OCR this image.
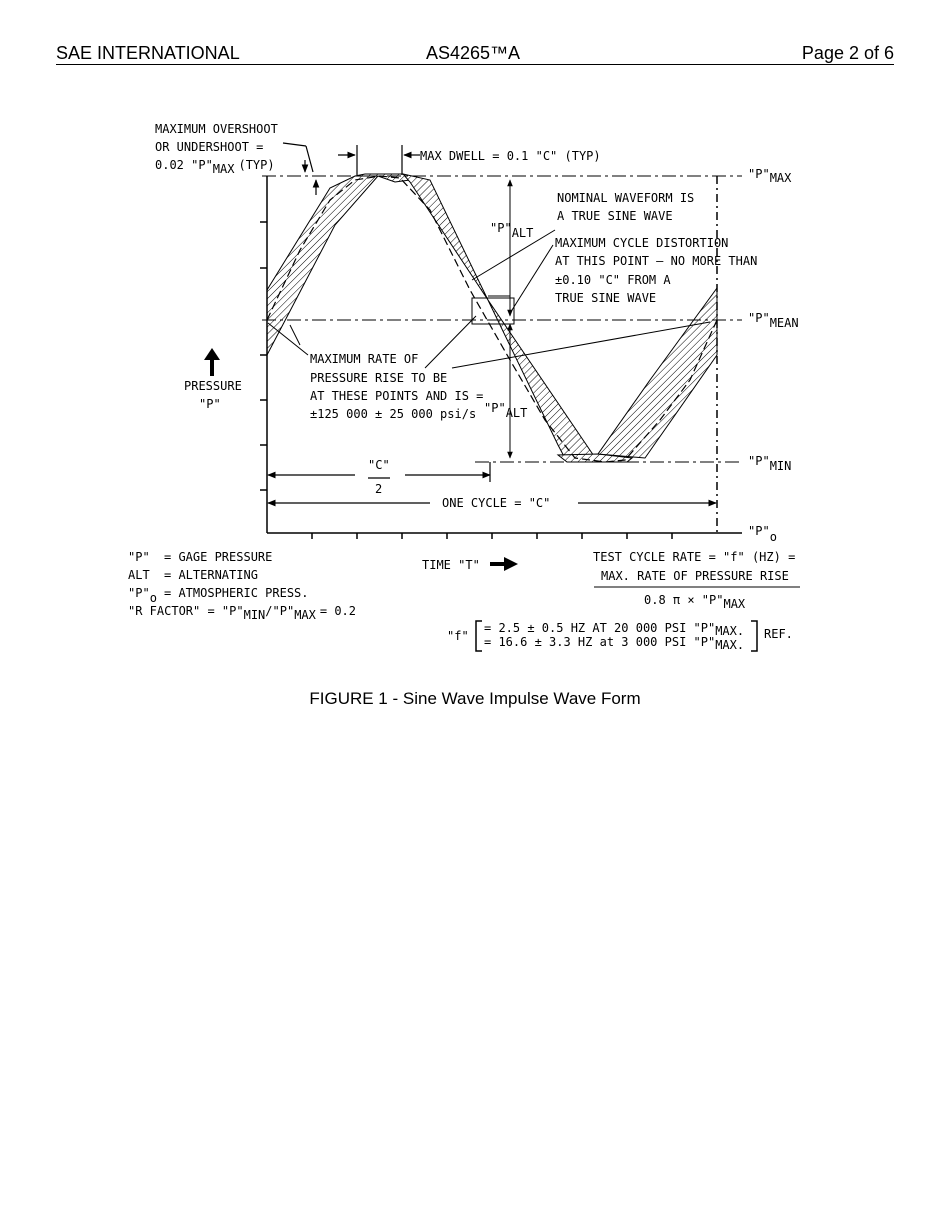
SAE INTERNATIONAL	AS4265™A	Page 2 of 6
MAXIMUM OVERSHOOT
OR UNDERSHOOT =
0.02 "P"MAX (TYP)
MAX DWELL = 0.1 "C" (TYP)
"P"MAX
NOMINAL WAVEFORM IS
A TRUE SINE WAVE
"P"ALT
MAXIMUM CYCLE DISTORTION
AT THIS POINT — NO MORE THAN
±0.10 "C" FROM A
TRUE SINE WAVE
"P"MEAN
MAXIMUM RATE OF
PRESSURE RISE TO BE
AT THESE POINTS AND IS =
±125 000 ± 25 000 psi/s "P"ALT
PRESSURE
"P"
"P"MIN
"C"
2
ONE CYCLE = "C"
"P"o
"P" = GAGE PRESSURE
ALT = ALTERNATING
"P"o = ATMOSPHERIC PRESS.
"R FACTOR" = "P"MIN/"P"MAX = 0.2
TIME "T"
TEST CYCLE RATE = "f" (HZ) =
MAX. RATE OF PRESSURE RISE
0.8 π × "P"MAX
"f"
= 2.5 ± 0.5 HZ AT 20 000 PSI "P"MAX.
= 16.6 ± 3.3 HZ at 3 000 PSI "P"MAX.
REF.
FIGURE 1 - Sine Wave Impulse Wave Form
